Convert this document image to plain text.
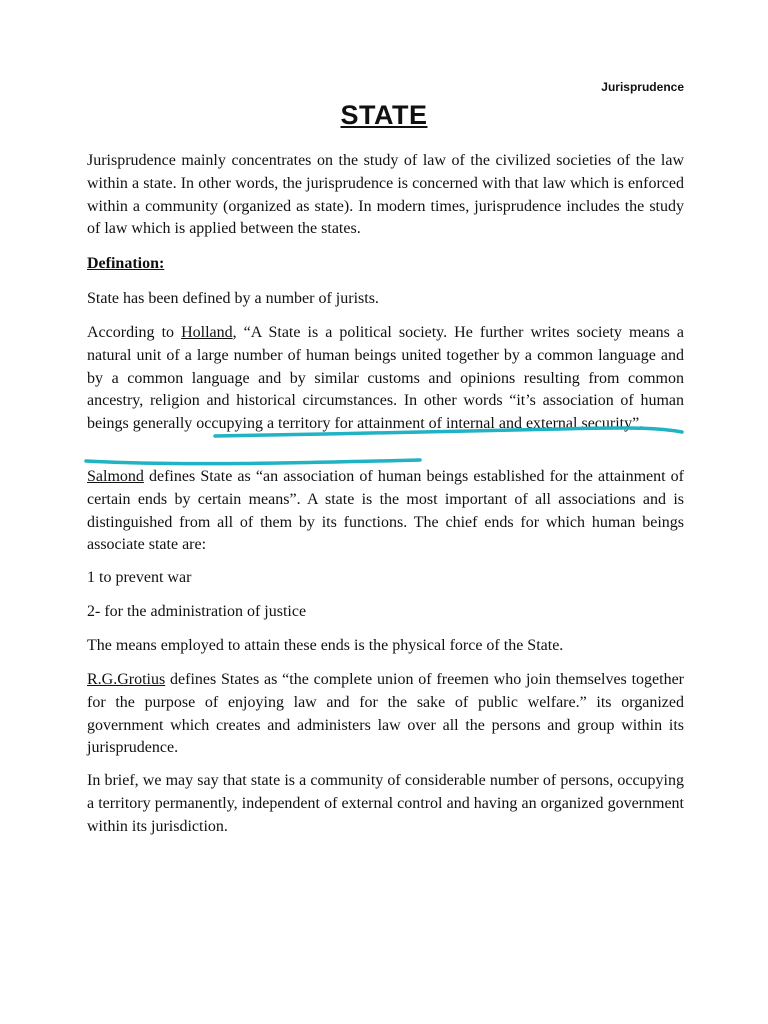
Jurisprudence
STATE

Jurisprudence mainly concentrates on the study of law of the civilized societies of the law within a state. In other words, the jurisprudence is concerned with that law which is enforced within a community (organized as state). In modern times, jurisprudence includes the study of law which is applied between the states.

Defination:

State has been defined by a number of jurists.

According to Holland, “A State is a political society. He further writes society means a natural unit of a large number of human beings united together by a common language and by a common language and by similar customs and opinions resulting from common ancestry, religion and historical circumstances. In other words “it’s association of human beings generally occupying a territory for attainment of internal and external security”.

Salmond defines State as “an association of human beings established for the attainment of certain ends by certain means”. A state is the most important of all associations and is distinguished from all of them by its functions. The chief ends for which human beings associate state are:

1 to prevent war

2- for the administration of justice

The means employed to attain these ends is the physical force of the State.

R.G.Grotius defines States as “the complete union of freemen who join themselves together for the purpose of enjoying law and for the sake of public welfare.” its organized government which creates and administers law over all the persons and group within its jurisprudence.

In brief, we may say that state is a community of considerable number of persons, occupying a territory permanently, independent of external control and having an organized government within its jurisdiction.
